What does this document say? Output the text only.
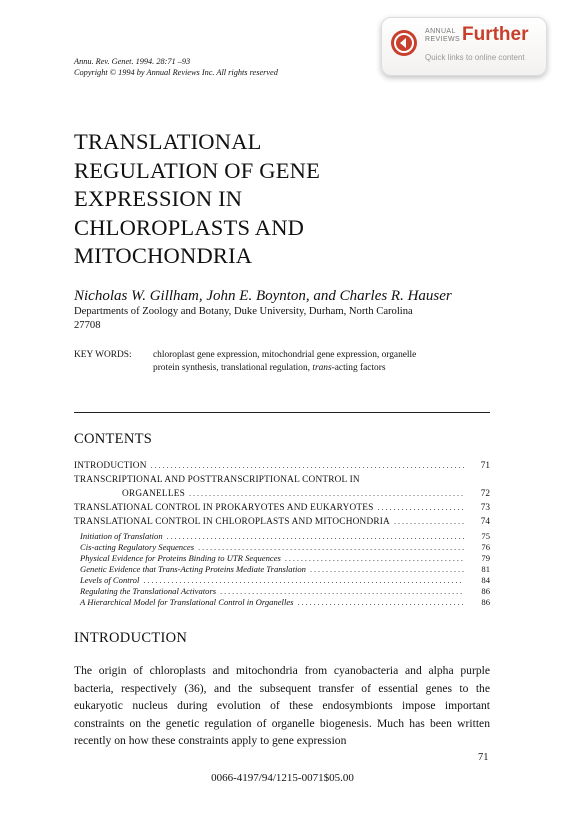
ANNUAL
REVIEWS Further
Quick links to online content
Annu. Rev. Genet. 1994. 28:71 –93
Copyright © 1994 by Annual Reviews Inc. All rights reserved
TRANSLATIONAL
REGULATION OF GENE
EXPRESSION IN
CHLOROPLASTS AND
MITOCHONDRIA
Nicholas W. Gillham, John E. Boynton, and Charles R. Hauser
Departments of Zoology and Botany, Duke University, Durham, North Carolina
27708
KEY WORDS:	chloroplast gene expression, mitochondrial gene expression, organelle
protein synthesis, translational regulation, trans-acting factors
CONTENTS
INTRODUCTION .....	71
TRANSCRIPTIONAL AND POSTTRANSCRIPTIONAL CONTROL IN
ORGANELLES .....	72
TRANSLATIONAL CONTROL IN PROKARYOTES AND EUKARYOTES .....	73
TRANSLATIONAL CONTROL IN CHLOROPLASTS AND MITOCHONDRIA .....	74
Initiation of Translation .....	75
Cis-acting Regulatory Sequences .....	76
Physical Evidence for Proteins Binding to UTR Sequences .....	79
Genetic Evidence that Trans-Acting Proteins Mediate Translation .....	81
Levels of Control .....	84
Regulating the Translational Activators .....	86
A Hierarchical Model for Translational Control in Organelles .....	86
INTRODUCTION
The origin of chloroplasts and mitochondria from cyanobacteria and alpha purple bacteria, respectively (36), and the subsequent transfer of essential genes to the eukaryotic nucleus during evolution of these endosymbionts impose important constraints on the genetic regulation of organelle biogenesis. Much has been written recently on how these constraints apply to gene expression
71
0066-4197/94/1215-0071$05.00
